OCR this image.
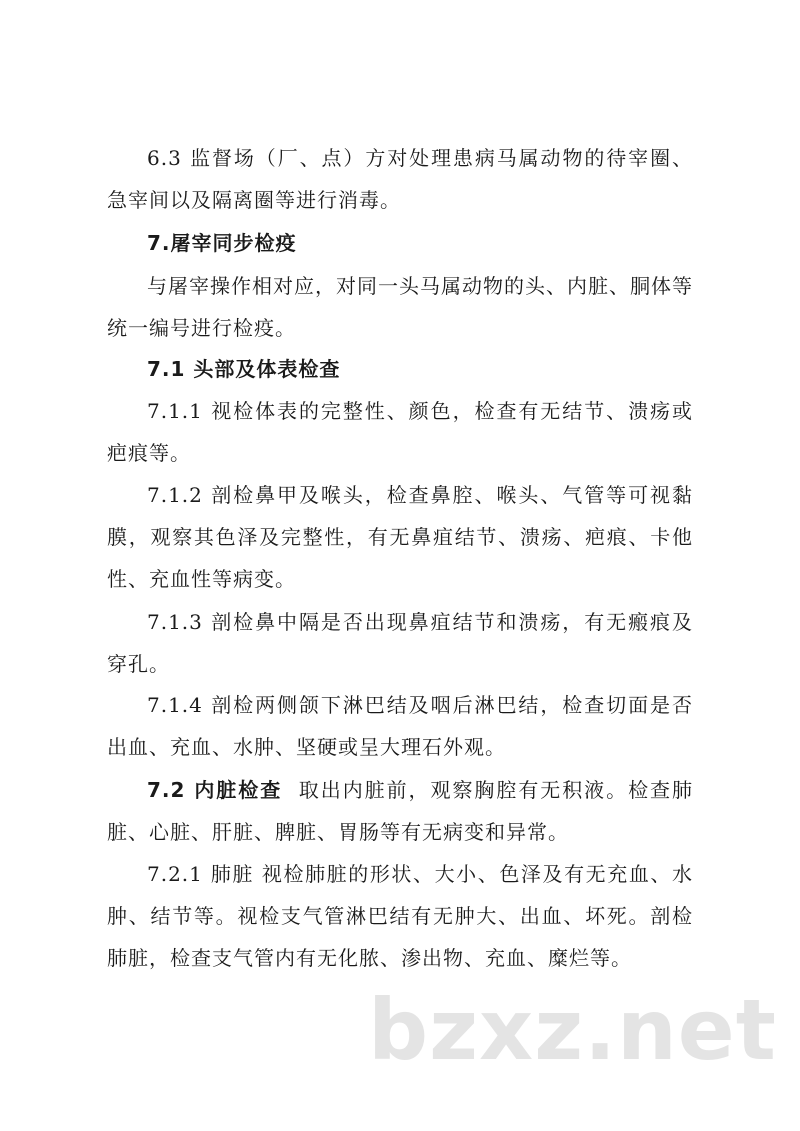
6.3 监督场（厂、点）方对处理患病马属动物的待宰圈、急宰间以及隔离圈等进行消毒。

7.屠宰同步检疫

与屠宰操作相对应，对同一头马属动物的头、内脏、胴体等统一编号进行检疫。

7.1 头部及体表检查

7.1.1 视检体表的完整性、颜色，检查有无结节、溃疡或疤痕等。

7.1.2 剖检鼻甲及喉头，检查鼻腔、喉头、气管等可视黏膜，观察其色泽及完整性，有无鼻疽结节、溃疡、疤痕、卡他性、充血性等病变。

7.1.3 剖检鼻中隔是否出现鼻疽结节和溃疡，有无瘢痕及穿孔。

7.1.4 剖检两侧颌下淋巴结及咽后淋巴结，检查切面是否出血、充血、水肿、坚硬或呈大理石外观。

7.2 内脏检查 取出内脏前，观察胸腔有无积液。检查肺脏、心脏、肝脏、脾脏、胃肠等有无病变和异常。

7.2.1 肺脏 视检肺脏的形状、大小、色泽及有无充血、水肿、结节等。视检支气管淋巴结有无肿大、出血、坏死。剖检肺脏，检查支气管内有无化脓、渗出物、充血、糜烂等。

bzxz.net
